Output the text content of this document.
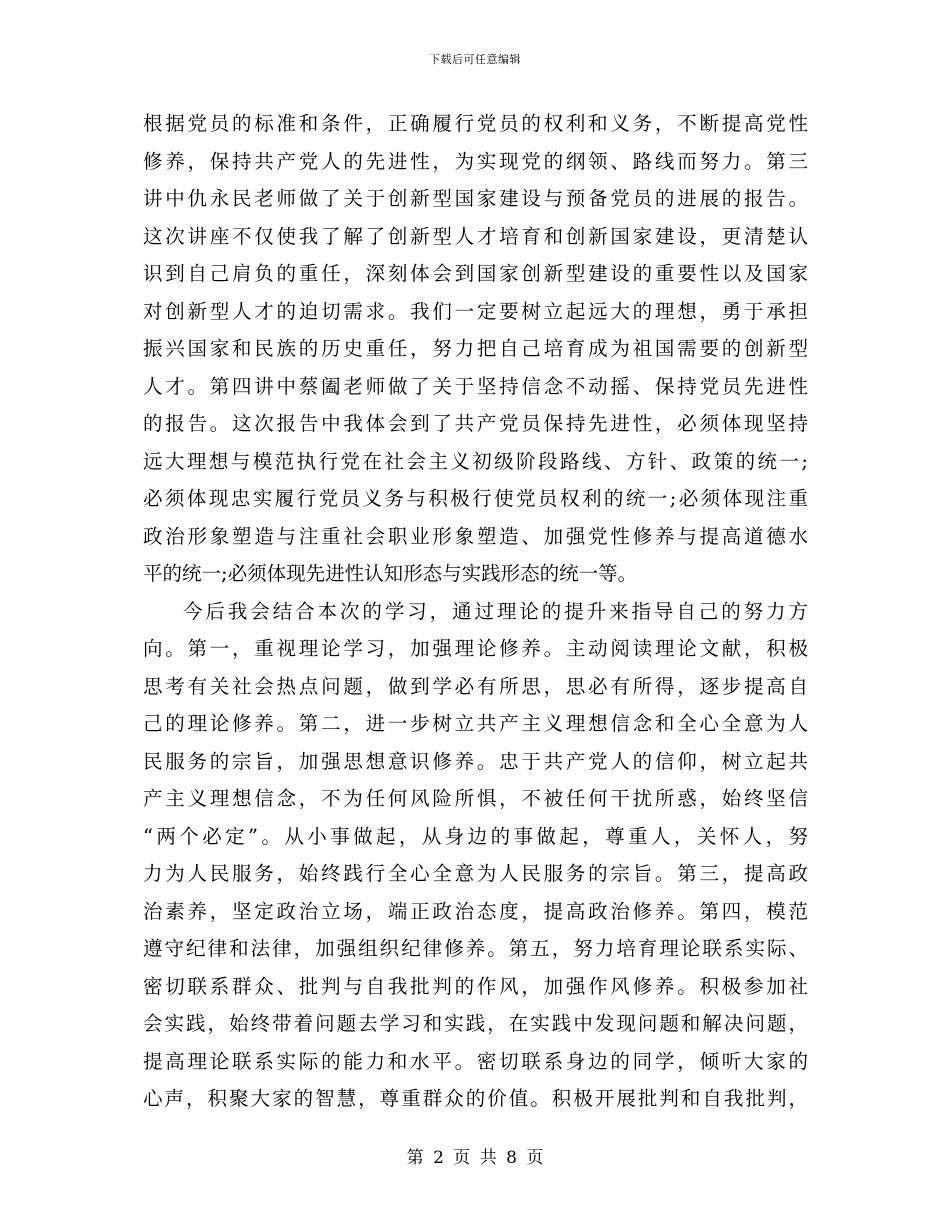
下载后可任意编辑
根据党员的标准和条件，正确履行党员的权利和义务，不断提高党性
修养，保持共产党人的先进性，为实现党的纲领、路线而努力。第三
讲中仇永民老师做了关于创新型国家建设与预备党员的进展的报告。
这次讲座不仅使我了解了创新型人才培育和创新国家建设，更清楚认
识到自己肩负的重任，深刻体会到国家创新型建设的重要性以及国家
对创新型人才的迫切需求。我们一定要树立起远大的理想，勇于承担
振兴国家和民族的历史重任，努力把自己培育成为祖国需要的创新型
人才。第四讲中蔡阖老师做了关于坚持信念不动摇、保持党员先进性
的报告。这次报告中我体会到了共产党员保持先进性，必须体现坚持
远大理想与模范执行党在社会主义初级阶段路线、方针、政策的统一;
必须体现忠实履行党员义务与积极行使党员权利的统一;必须体现注重
政治形象塑造与注重社会职业形象塑造、加强党性修养与提高道德水
平的统一;必须体现先进性认知形态与实践形态的统一等。
今后我会结合本次的学习，通过理论的提升来指导自己的努力方
向。第一，重视理论学习，加强理论修养。主动阅读理论文献，积极
思考有关社会热点问题，做到学必有所思，思必有所得，逐步提高自
己的理论修养。第二，进一步树立共产主义理想信念和全心全意为人
民服务的宗旨，加强思想意识修养。忠于共产党人的信仰，树立起共
产主义理想信念，不为任何风险所惧，不被任何干扰所惑，始终坚信
“两个必定”。从小事做起，从身边的事做起，尊重人，关怀人，努
力为人民服务，始终践行全心全意为人民服务的宗旨。第三，提高政
治素养，坚定政治立场，端正政治态度，提高政治修养。第四，模范
遵守纪律和法律，加强组织纪律修养。第五，努力培育理论联系实际、
密切联系群众、批判与自我批判的作风，加强作风修养。积极参加社
会实践，始终带着问题去学习和实践，在实践中发现问题和解决问题，
提高理论联系实际的能力和水平。密切联系身边的同学，倾听大家的
心声，积聚大家的智慧，尊重群众的价值。积极开展批判和自我批判，
第 2 页 共 8 页
